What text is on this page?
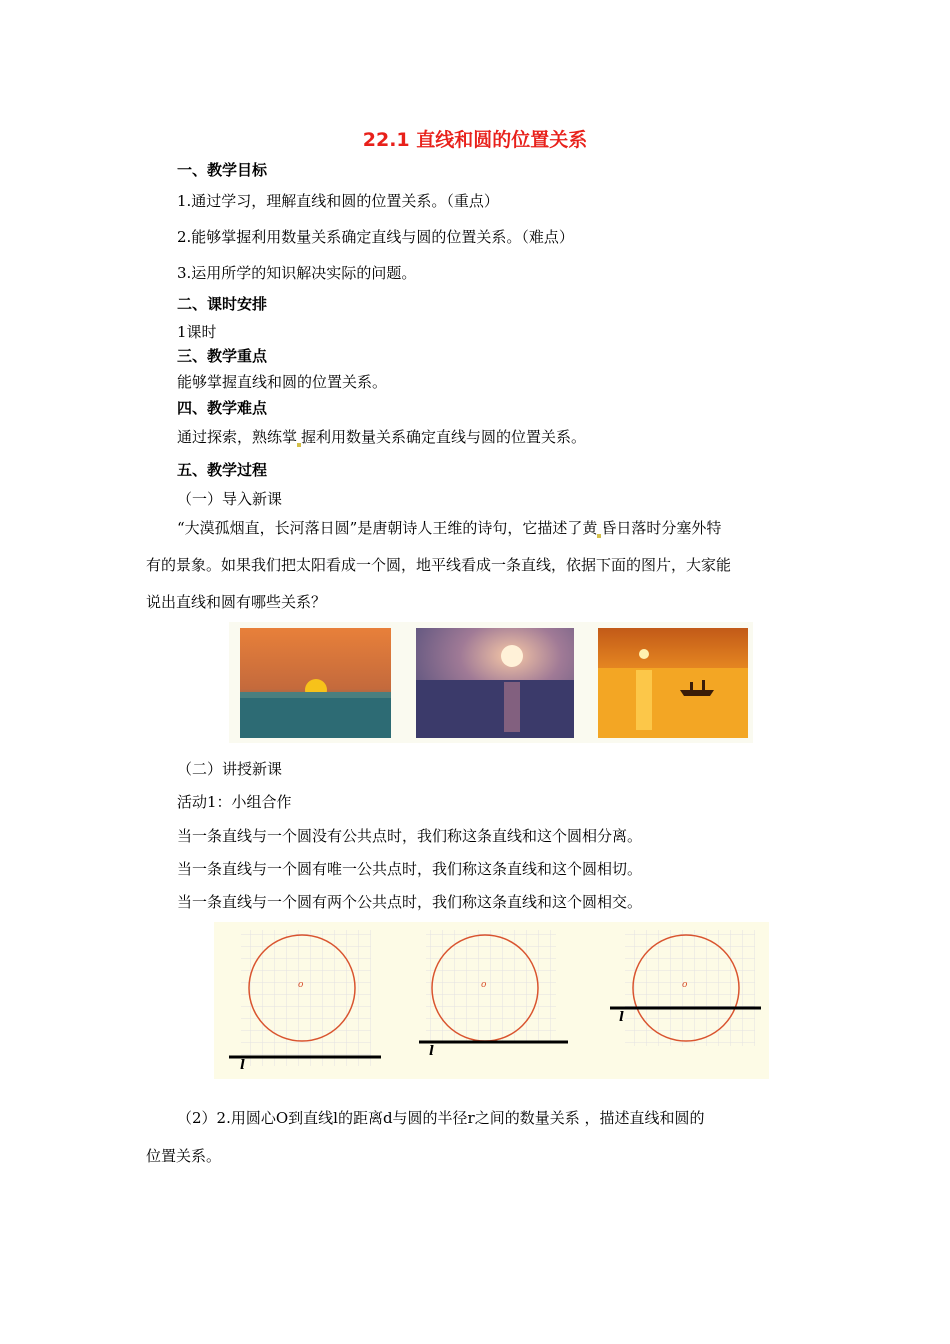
22.1 直线和圆的位置关系
一、教学目标
1.通过学习，理解直线和圆的位置关系。（重点）
2.能够掌握利用数量关系确定直线与圆的位置关系。（难点）
3.运用所学的知识解决实际的问题。
二、课时安排
1课时
三、教学重点
能够掌握直线和圆的位置关系。
四、教学难点
通过探索，熟练掌 握利用数量关系确定直线与圆的位置关系。
五、教学过程
（一）导入新课
“大漠孤烟直，长河落日圆”是唐朝诗人王维的诗句，它描述了黄 昏日落时分塞外特
有的景象。如果我们把太阳看成一个圆，地平线看成一条直线，依据下面的图片，大家能
说出直线和圆有哪些关系？
（二）讲授新课
活动1：小组合作
当一条直线与一个圆没有公共点时，我们称这条直线和这个圆相分离。
当一条直线与一个圆有唯一公共点时，我们称这条直线和这个圆相切。
当一条直线与一个圆有两个公共点时，我们称这条直线和这个圆相交。
o	o	o
l
l
l
（2）2.用圆心O到直线l的距离d与圆的半径r之间的数量关系 ，描述直线和圆的
位置关系。
